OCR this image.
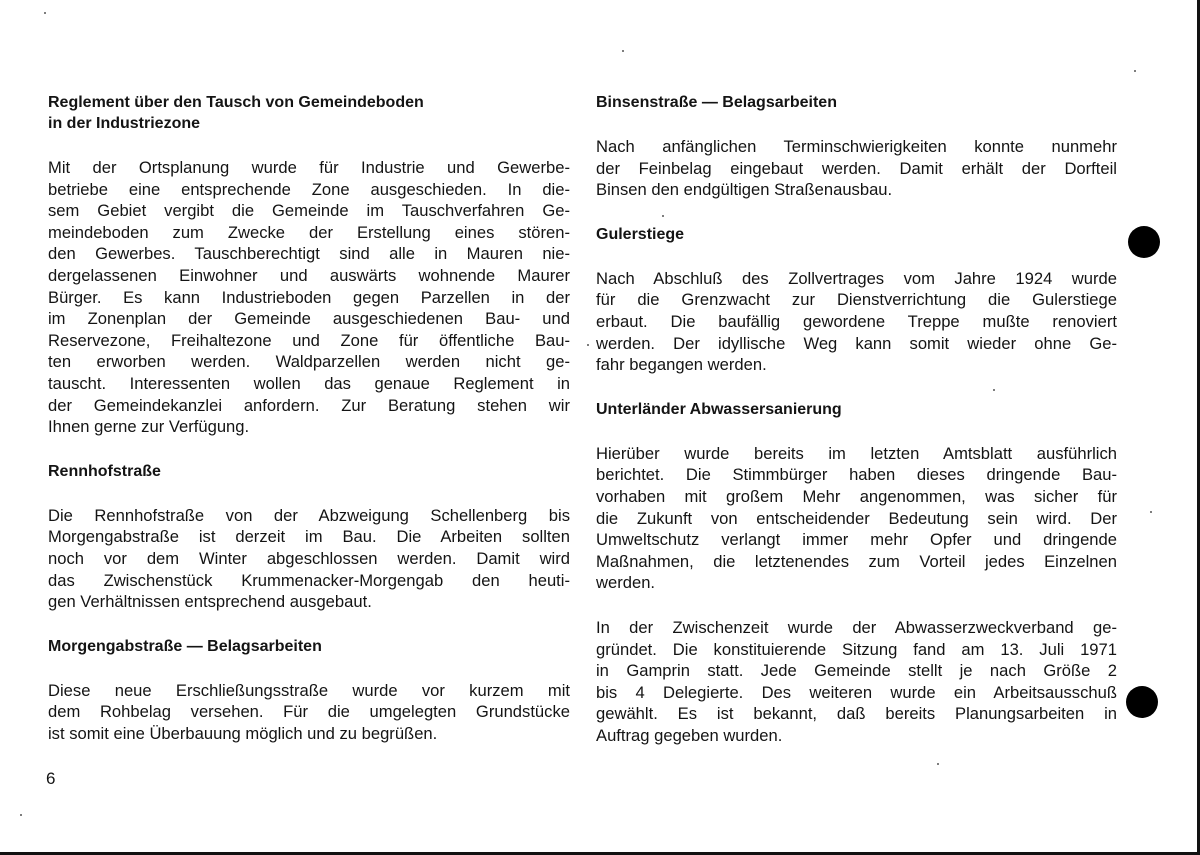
Reglement über den Tausch von Gemeindeboden
in der Industriezone
Mit der Ortsplanung wurde für Industrie und Gewerbe-
betriebe eine entsprechende Zone ausgeschieden. In die-
sem Gebiet vergibt die Gemeinde im Tauschverfahren Ge-
meindeboden zum Zwecke der Erstellung eines stören-
den Gewerbes. Tauschberechtigt sind alle in Mauren nie-
dergelassenen Einwohner und auswärts wohnende Maurer
Bürger. Es kann Industrieboden gegen Parzellen in der
im Zonenplan der Gemeinde ausgeschiedenen Bau- und
Reservezone, Freihaltezone und Zone für öffentliche Bau-
ten erworben werden. Waldparzellen werden nicht ge-
tauscht. Interessenten wollen das genaue Reglement in
der Gemeindekanzlei anfordern. Zur Beratung stehen wir
Ihnen gerne zur Verfügung.
Rennhofstraße
Die Rennhofstraße von der Abzweigung Schellenberg bis
Morgengabstraße ist derzeit im Bau. Die Arbeiten sollten
noch vor dem Winter abgeschlossen werden. Damit wird
das Zwischenstück Krummenacker-Morgengab den heuti-
gen Verhältnissen entsprechend ausgebaut.
Morgengabstraße — Belagsarbeiten
Diese neue Erschließungsstraße wurde vor kurzem mit
dem Rohbelag versehen. Für die umgelegten Grundstücke
ist somit eine Überbauung möglich und zu begrüßen.
Binsenstraße — Belagsarbeiten
Nach anfänglichen Terminschwierigkeiten konnte nunmehr
der Feinbelag eingebaut werden. Damit erhält der Dorfteil
Binsen den endgültigen Straßenausbau.
Gulerstiege
Nach Abschluß des Zollvertrages vom Jahre 1924 wurde
für die Grenzwacht zur Dienstverrichtung die Gulerstiege
erbaut. Die baufällig gewordene Treppe mußte renoviert
werden. Der idyllische Weg kann somit wieder ohne Ge-
fahr begangen werden.
Unterländer Abwassersanierung
Hierüber wurde bereits im letzten Amtsblatt ausführlich
berichtet. Die Stimmbürger haben dieses dringende Bau-
vorhaben mit großem Mehr angenommen, was sicher für
die Zukunft von entscheidender Bedeutung sein wird. Der
Umweltschutz verlangt immer mehr Opfer und dringende
Maßnahmen, die letztenendes zum Vorteil jedes Einzelnen
werden.
In der Zwischenzeit wurde der Abwasserzweckverband ge-
gründet. Die konstituierende Sitzung fand am 13. Juli 1971
in Gamprin statt. Jede Gemeinde stellt je nach Größe 2
bis 4 Delegierte. Des weiteren wurde ein Arbeitsausschuß
gewählt. Es ist bekannt, daß bereits Planungsarbeiten in
Auftrag gegeben wurden.
6
